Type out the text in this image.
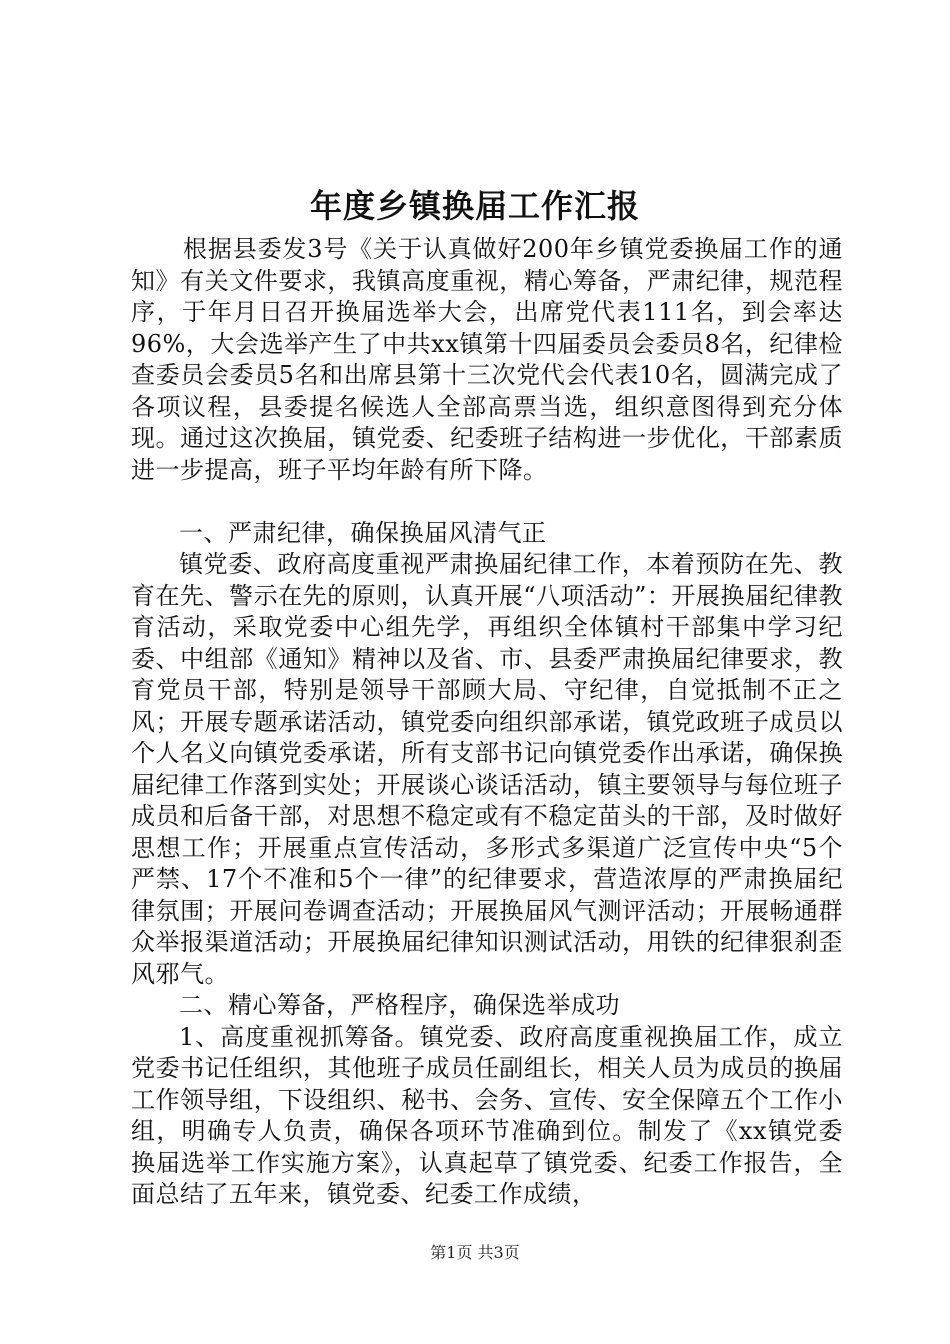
年度乡镇换届工作汇报

根据县委发3号《关于认真做好200年乡镇党委换届工作的通知》有关文件要求，我镇高度重视，精心筹备，严肃纪律，规范程序，于年月日召开换届选举大会，出席党代表111名，到会率达96%，大会选举产生了中共xx镇第十四届委员会委员8名，纪律检查委员会委员5名和出席县第十三次党代会代表10名，圆满完成了各项议程，县委提名候选人全部高票当选，组织意图得到充分体现。通过这次换届，镇党委、纪委班子结构进一步优化，干部素质进一步提高，班子平均年龄有所下降。

一、严肃纪律，确保换届风清气正

镇党委、政府高度重视严肃换届纪律工作，本着预防在先、教育在先、警示在先的原则，认真开展“八项活动”：开展换届纪律教育活动，采取党委中心组先学，再组织全体镇村干部集中学习纪委、中组部《通知》精神以及省、市、县委严肃换届纪律要求，教育党员干部，特别是领导干部顾大局、守纪律，自觉抵制不正之风；开展专题承诺活动，镇党委向组织部承诺，镇党政班子成员以个人名义向镇党委承诺，所有支部书记向镇党委作出承诺，确保换届纪律工作落到实处；开展谈心谈话活动，镇主要领导与每位班子成员和后备干部，对思想不稳定或有不稳定苗头的干部，及时做好思想工作；开展重点宣传活动，多形式多渠道广泛宣传中央“5个严禁、17个不准和5个一律”的纪律要求，营造浓厚的严肃换届纪律氛围；开展问卷调查活动；开展换届风气测评活动；开展畅通群众举报渠道活动；开展换届纪律知识测试活动，用铁的纪律狠刹歪风邪气。

二、精心筹备，严格程序，确保选举成功

1、高度重视抓筹备。镇党委、政府高度重视换届工作，成立党委书记任组织，其他班子成员任副组长，相关人员为成员的换届工作领导组，下设组织、秘书、会务、宣传、安全保障五个工作小组，明确专人负责，确保各项环节准确到位。制发了《xx镇党委换届选举工作实施方案》，认真起草了镇党委、纪委工作报告，全面总结了五年来，镇党委、纪委工作成绩，

第1页 共3页
